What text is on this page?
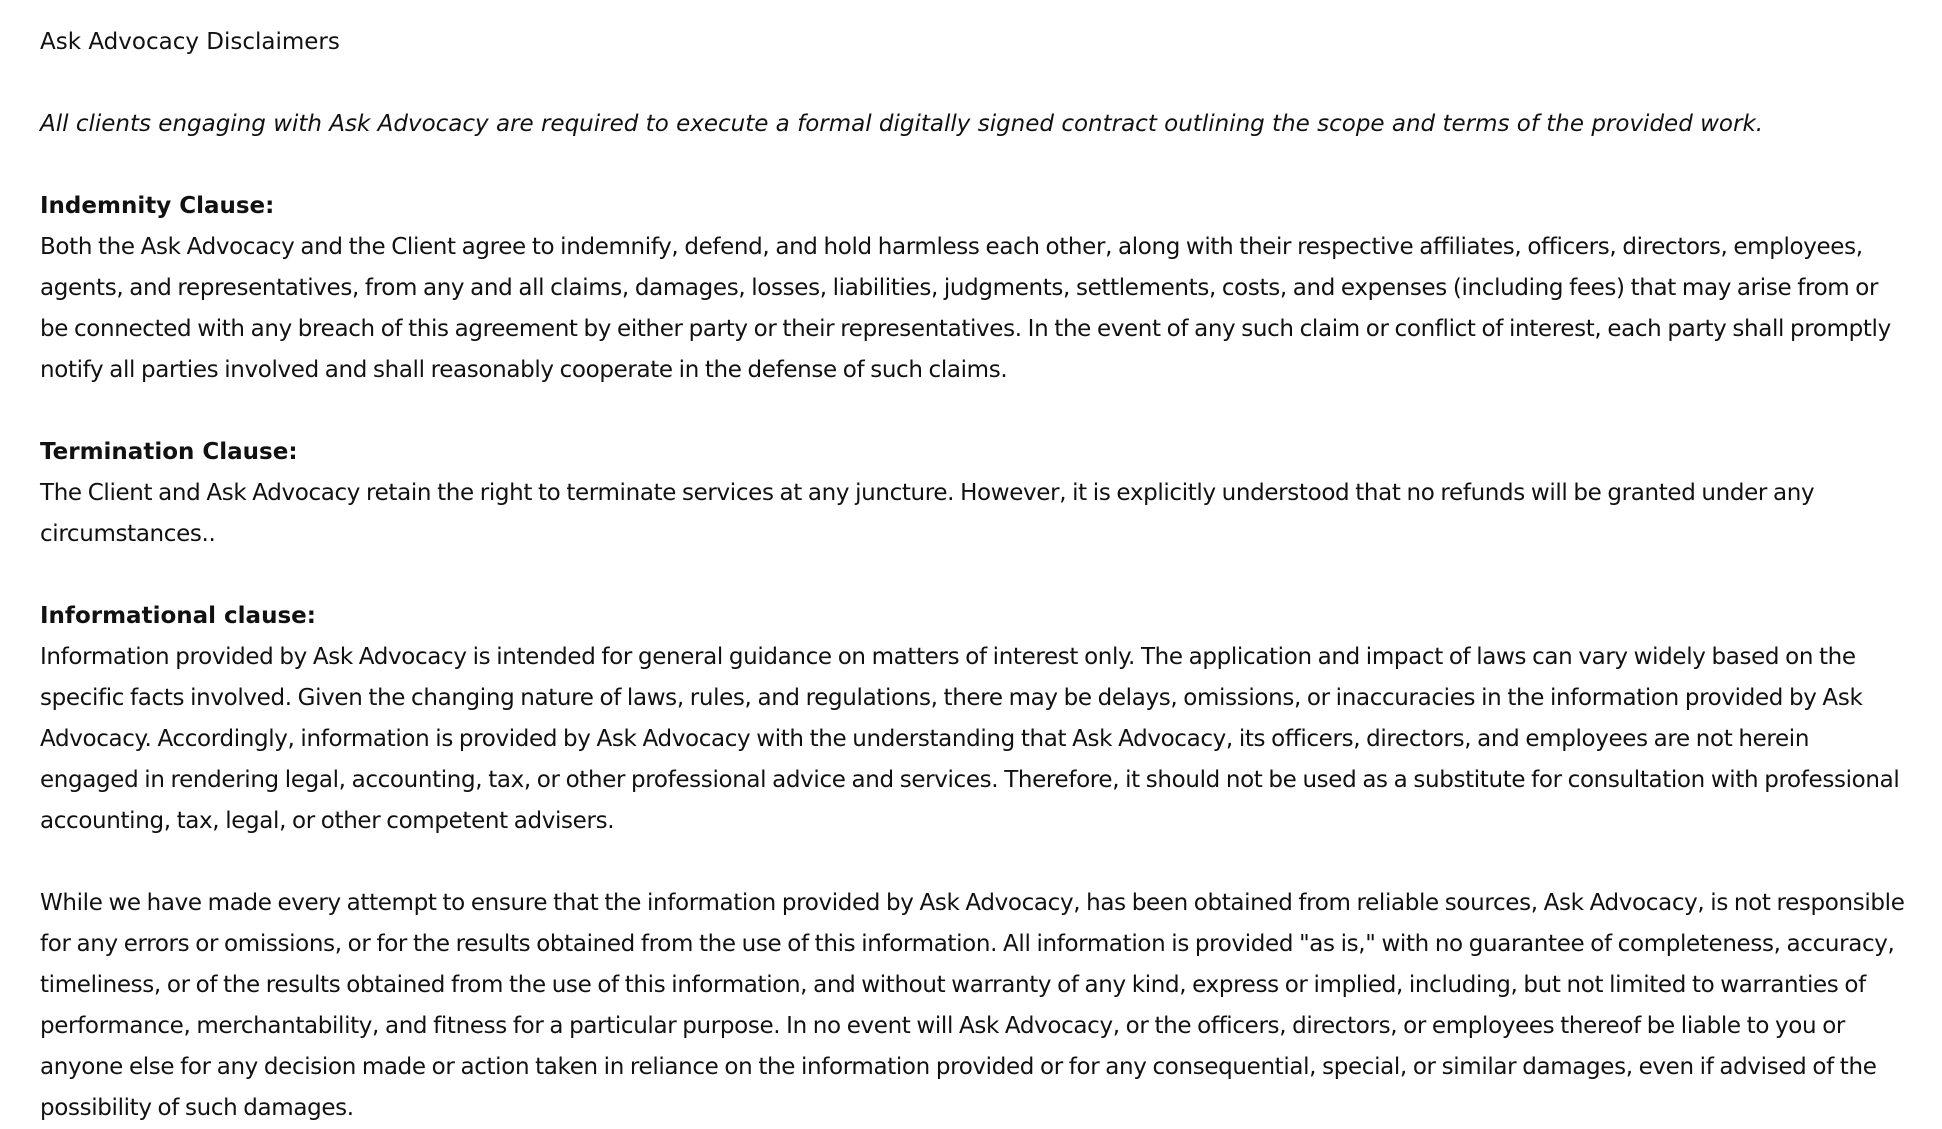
Ask Advocacy Disclaimers

All clients engaging with Ask Advocacy are required to execute a formal digitally signed contract outlining the scope and terms of the provided work.

Indemnity Clause:

Both the Ask Advocacy and the Client agree to indemnify, defend, and hold harmless each other, along with their respective affiliates, officers, directors, employees, agents, and representatives, from any and all claims, damages, losses, liabilities, judgments, settlements, costs, and expenses (including fees) that may arise from or be connected with any breach of this agreement by either party or their representatives. In the event of any such claim or conflict of interest, each party shall promptly notify all parties involved and shall reasonably cooperate in the defense of such claims.

Termination Clause:

The Client and Ask Advocacy retain the right to terminate services at any juncture. However, it is explicitly understood that no refunds will be granted under any circumstances..

Informational clause:

Information provided by Ask Advocacy is intended for general guidance on matters of interest only. The application and impact of laws can vary widely based on the specific facts involved. Given the changing nature of laws, rules, and regulations, there may be delays, omissions, or inaccuracies in the information provided by Ask Advocacy. Accordingly, information is provided by Ask Advocacy with the understanding that Ask Advocacy, its officers, directors, and employees are not herein engaged in rendering legal, accounting, tax, or other professional advice and services. Therefore, it should not be used as a substitute for consultation with professional accounting, tax, legal, or other competent advisers.

While we have made every attempt to ensure that the information provided by Ask Advocacy, has been obtained from reliable sources, Ask Advocacy, is not responsible for any errors or omissions, or for the results obtained from the use of this information. All information is provided "as is," with no guarantee of completeness, accuracy, timeliness, or of the results obtained from the use of this information, and without warranty of any kind, express or implied, including, but not limited to warranties of performance, merchantability, and fitness for a particular purpose. In no event will Ask Advocacy, or the officers, directors, or employees thereof be liable to you or anyone else for any decision made or action taken in reliance on the information provided or for any consequential, special, or similar damages, even if advised of the possibility of such damages.
